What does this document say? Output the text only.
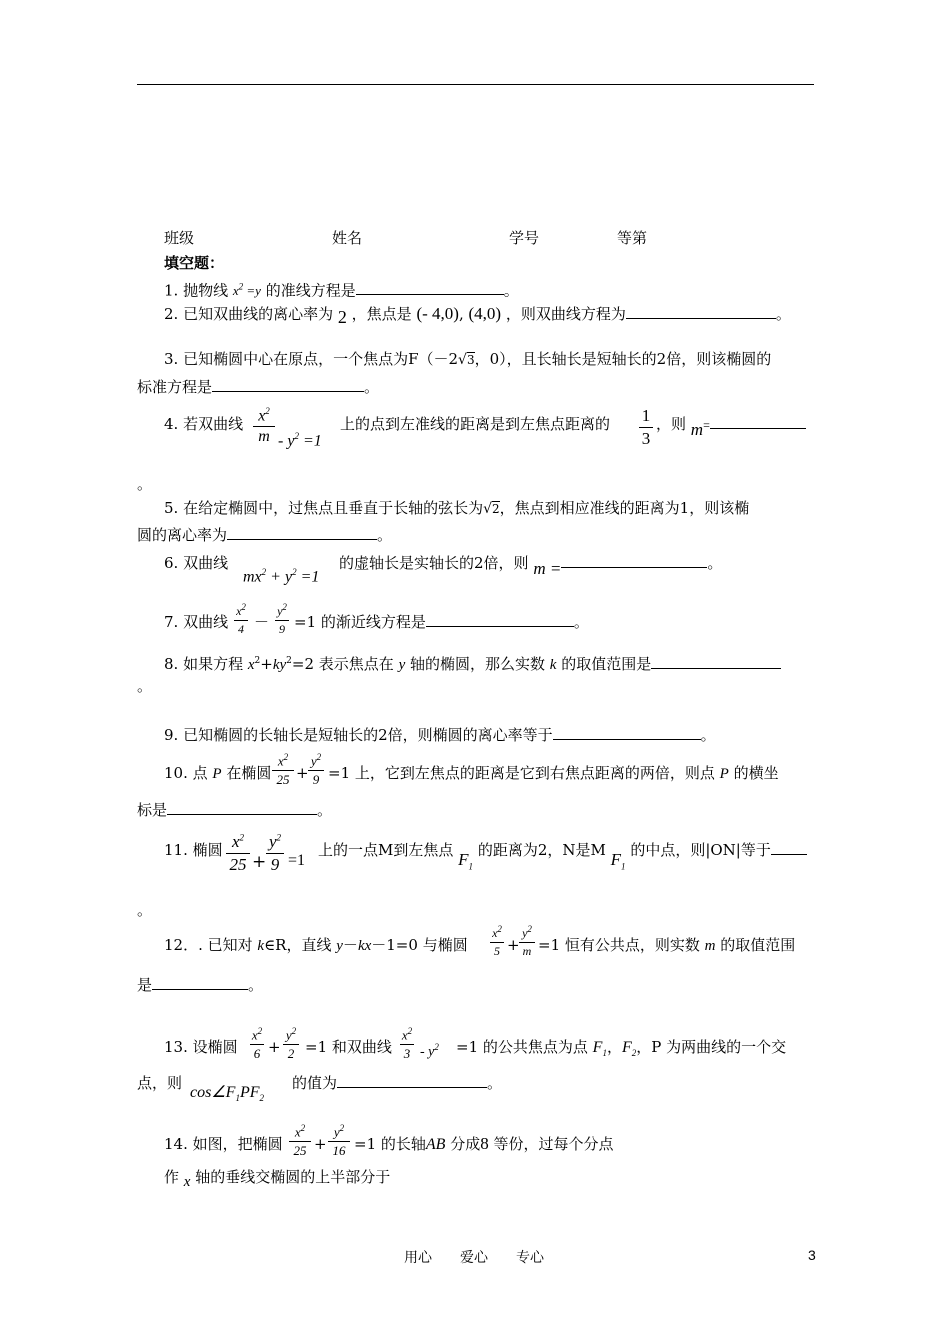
班级	姓名	学号	等第
填空题：
1. 抛物线 $x^2 =y$ 的准线方程是	。
2. 已知双曲线的离心率为 2 ，焦点是 (- 4,0), (4,0) ，则双曲线方程为	。
3. 已知椭圆中心在原点，一个焦点为F（－2√3，0），且长轴长是短轴长的2倍，则该椭圆的
标准方程是	。
4. 若双曲线 $x^2$
$m - y^2 =1$
上的点到左准线的距离是到左焦点距离的 1
3
，则 m=
。
5. 在给定椭圆中，过焦点且垂直于长轴的弦长为√2，焦点到相应准线的距离为1，则该椭
圆的离心率为	。
6. 双曲线
$mx^2 + y^2 =1$
的虚轴长是实轴长的2倍，则 m =	。
7. 双曲线
$x^2$
4 －
$y^2$
9 =1 的渐近线方程是	。
8. 如果方程 $x^2+ky^2=2$ 表示焦点在 y 轴的椭圆，那么实数 k 的取值范围是
。
9. 已知椭圆的长轴长是短轴长的2倍，则椭圆的离心率等于	。
10. 点 P 在椭圆
$x^2$
25 +
$y^2$
9 =1 上，它到左焦点的距离是它到右焦点距离的两倍，则点 P 的横坐
标是	。
11. 椭圆 $x^2$
25 +
$y^2$
9 =1
上的一点M到左焦点 $F_1$ 的距离为2，N是M $F_1$ 的中点，则|ON|等于
。
12．. 已知对 k∈R，直线 y－kx－1=0 与椭圆
$x^2$
5 +
$y^2$
m =1 恒有公共点，则实数 m 的取值范围
是	。
13. 设椭圆
$x^2$
6 +
$y^2$
2 =1 和双曲线
$x^2$
$3 - y^2 =1$ 的公共焦点为点 $F_1$，$F_2$，P 为两曲线的一个交
点，则
$\cos\angle F_1PF_2$
的值为	。
14. 如图，把椭圆
$x^2$
25 +
$y^2$
16 =1 的长轴AB 分成8 等份，过每个分点
作 x 轴的垂线交椭圆的上半部分于
用心　　爱心　　专心	3
